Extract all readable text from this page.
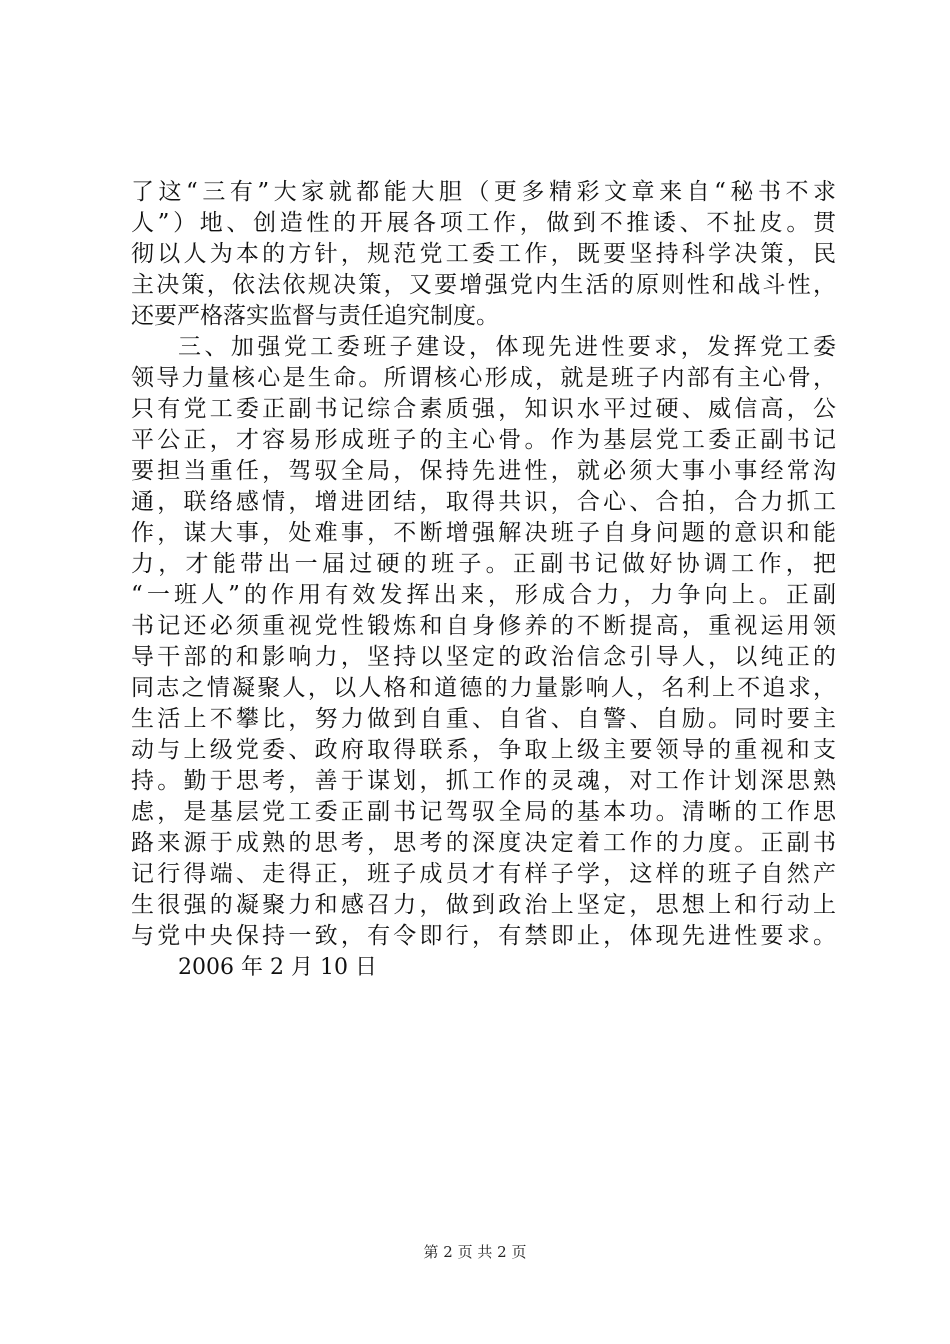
了这“三有”大家就都能大胆（更多精彩文章来自“秘书不求
人”）地、创造性的开展各项工作，做到不推诿、不扯皮。贯
彻以人为本的方针，规范党工委工作，既要坚持科学决策，民
主决策，依法依规决策，又要增强党内生活的原则性和战斗性，
还要严格落实监督与责任追究制度。
三、加强党工委班子建设，体现先进性要求，发挥党工委
领导力量核心是生命。所谓核心形成，就是班子内部有主心骨，
只有党工委正副书记综合素质强，知识水平过硬、威信高，公
平公正，才容易形成班子的主心骨。作为基层党工委正副书记
要担当重任，驾驭全局，保持先进性，就必须大事小事经常沟
通，联络感情，增进团结，取得共识，合心、合拍，合力抓工
作，谋大事，处难事，不断增强解决班子自身问题的意识和能
力，才能带出一届过硬的班子。正副书记做好协调工作，把
“一班人”的作用有效发挥出来，形成合力，力争向上。正副
书记还必须重视党性锻炼和自身修养的不断提高，重视运用领
导干部的和影响力，坚持以坚定的政治信念引导人，以纯正的
同志之情凝聚人，以人格和道德的力量影响人，名利上不追求，
生活上不攀比，努力做到自重、自省、自警、自励。同时要主
动与上级党委、政府取得联系，争取上级主要领导的重视和支
持。勤于思考，善于谋划，抓工作的灵魂，对工作计划深思熟
虑，是基层党工委正副书记驾驭全局的基本功。清晰的工作思
路来源于成熟的思考，思考的深度决定着工作的力度。正副书
记行得端、走得正，班子成员才有样子学，这样的班子自然产
生很强的凝聚力和感召力，做到政治上坚定，思想上和行动上
与党中央保持一致，有令即行，有禁即止，体现先进性要求。
2006 年 2 月 10 日
第 2 页 共 2 页
